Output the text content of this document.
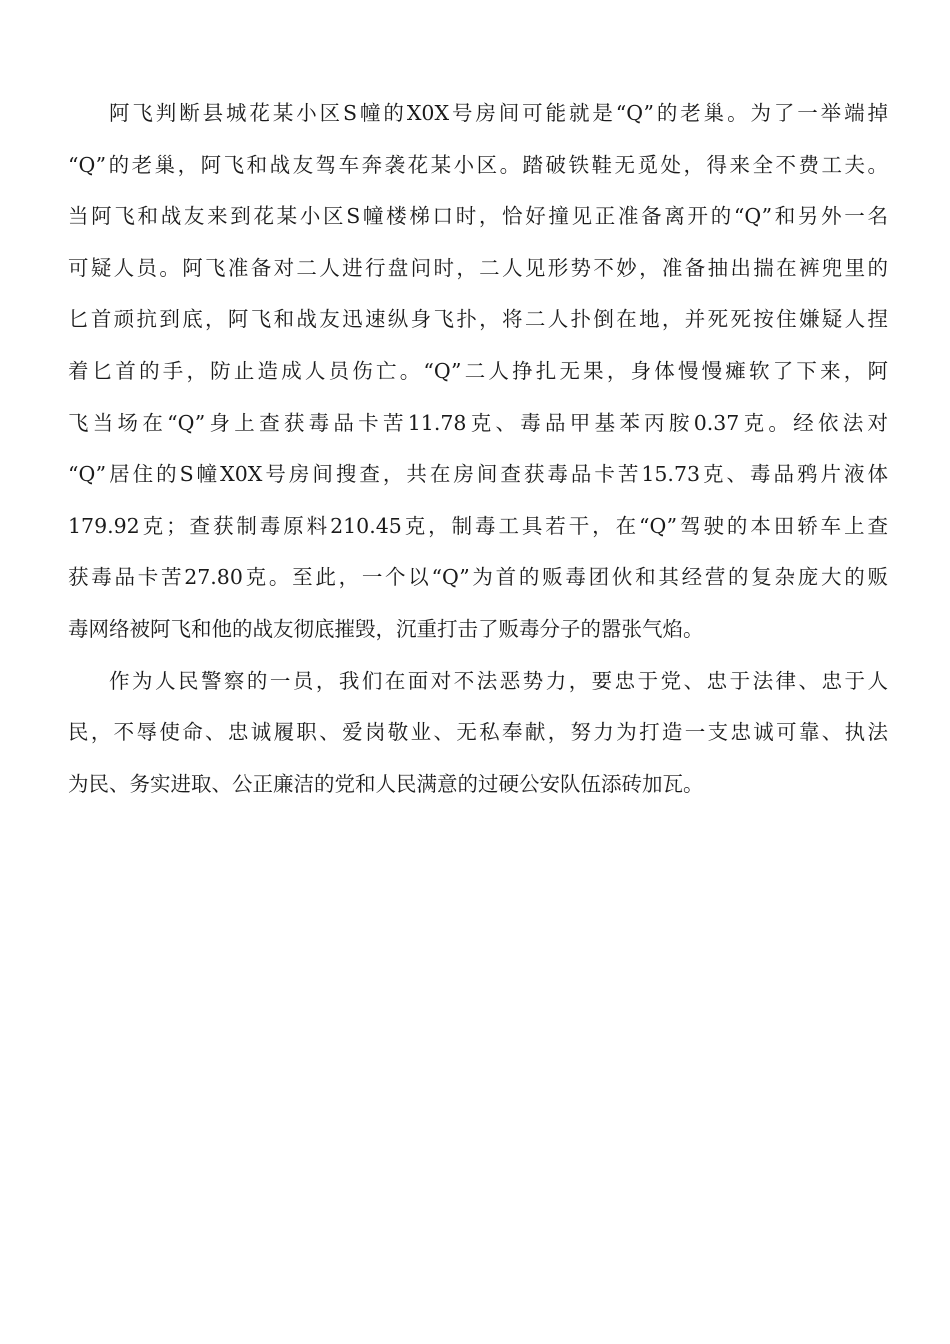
阿飞判断县城花某小区S幢的X0X号房间可能就是“Q”的老巢。为了一举端掉
“Q”的老巢，阿飞和战友驾车奔袭花某小区。踏破铁鞋无觅处，得来全不费工夫。
当阿飞和战友来到花某小区S幢楼梯口时，恰好撞见正准备离开的“Q”和另外一名
可疑人员。阿飞准备对二人进行盘问时，二人见形势不妙，准备抽出揣在裤兜里的
匕首顽抗到底，阿飞和战友迅速纵身飞扑，将二人扑倒在地，并死死按住嫌疑人捏
着匕首的手，防止造成人员伤亡。“Q”二人挣扎无果，身体慢慢瘫软了下来，阿
飞当场在“Q”身上查获毒品卡苦11.78克、毒品甲基苯丙胺0.37克。经依法对
“Q”居住的S幢X0X号房间搜查，共在房间查获毒品卡苦15.73克、毒品鸦片液体
179.92克；查获制毒原料210.45克，制毒工具若干，在“Q”驾驶的本田轿车上查
获毒品卡苦27.80克。至此，一个以“Q”为首的贩毒团伙和其经营的复杂庞大的贩
毒网络被阿飞和他的战友彻底摧毁，沉重打击了贩毒分子的嚣张气焰。
作为人民警察的一员，我们在面对不法恶势力，要忠于党、忠于法律、忠于人
民，不辱使命、忠诚履职、爱岗敬业、无私奉献，努力为打造一支忠诚可靠、执法
为民、务实进取、公正廉洁的党和人民满意的过硬公安队伍添砖加瓦。
